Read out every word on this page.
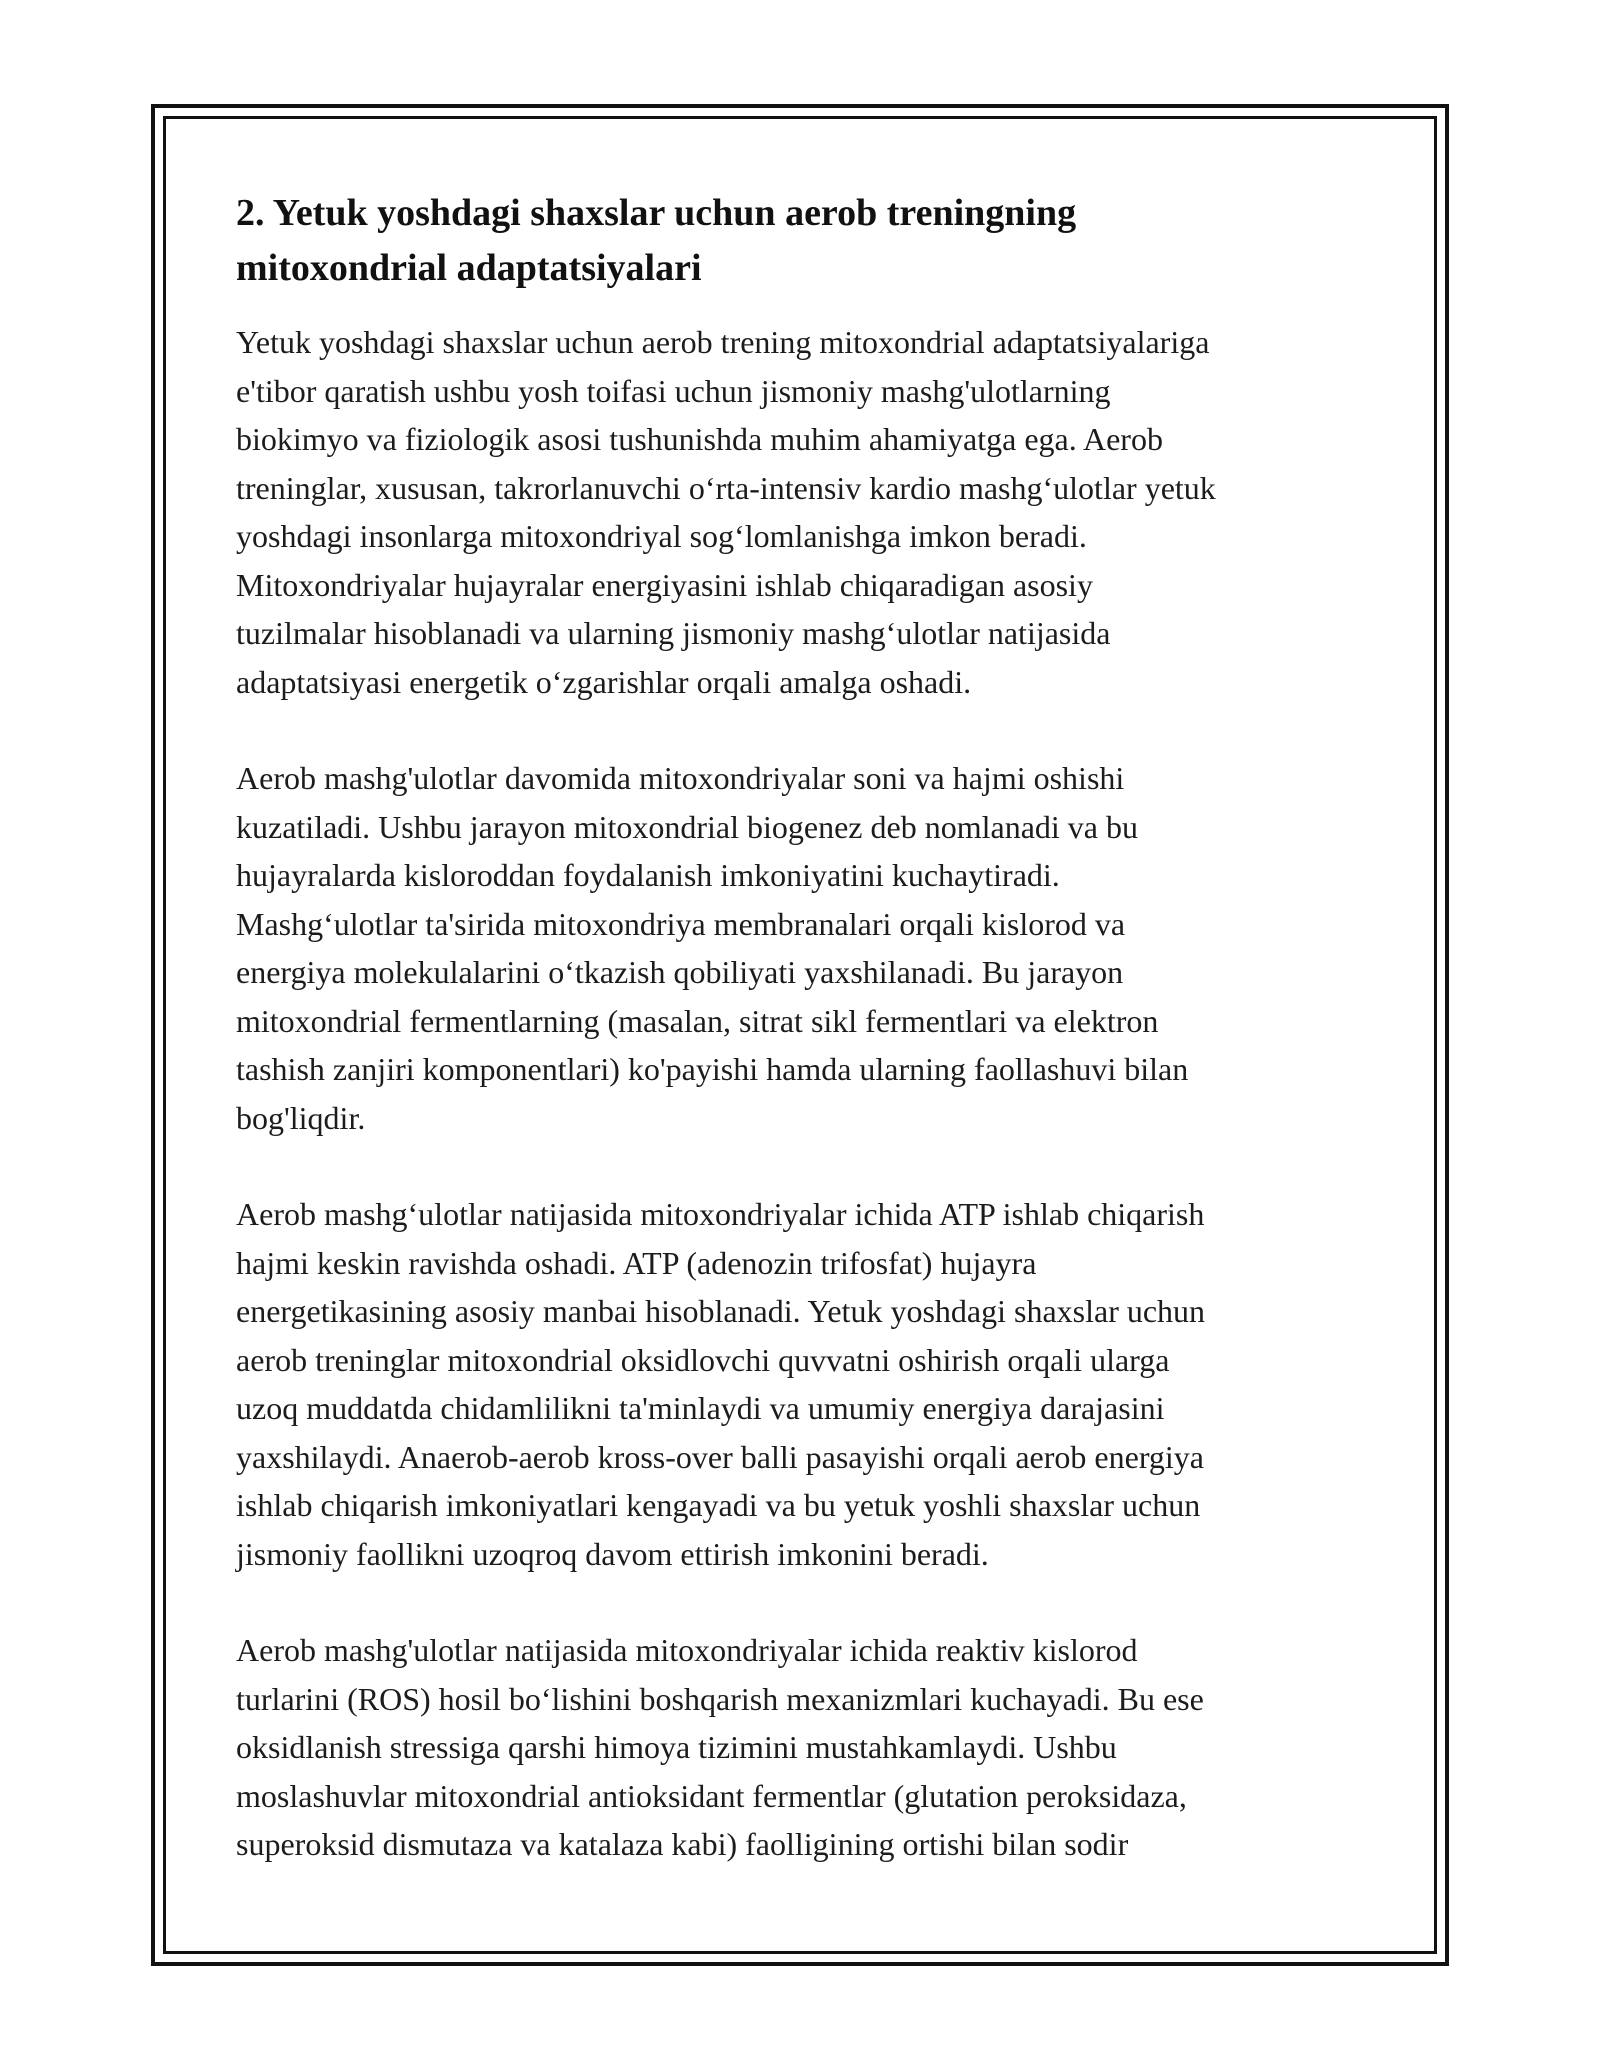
2. Yetuk yoshdagi shaxslar uchun aerob treningning
mitoxondrial adaptatsiyalari

Yetuk yoshdagi shaxslar uchun aerob trening mitoxondrial adaptatsiyalariga
e'tibor qaratish ushbu yosh toifasi uchun jismoniy mashg'ulotlarning
biokimyo va fiziologik asosi tushunishda muhim ahamiyatga ega. Aerob
treninglar, xususan, takrorlanuvchi o‘rta-intensiv kardio mashg‘ulotlar yetuk
yoshdagi insonlarga mitoxondriyal sog‘lomlanishga imkon beradi.
Mitoxondriyalar hujayralar energiyasini ishlab chiqaradigan asosiy
tuzilmalar hisoblanadi va ularning jismoniy mashg‘ulotlar natijasida
adaptatsiyasi energetik o‘zgarishlar orqali amalga oshadi.

Aerob mashg'ulotlar davomida mitoxondriyalar soni va hajmi oshishi
kuzatiladi. Ushbu jarayon mitoxondrial biogenez deb nomlanadi va bu
hujayralarda kisloroddan foydalanish imkoniyatini kuchaytiradi.
Mashg‘ulotlar ta'sirida mitoxondriya membranalari orqali kislorod va
energiya molekulalarini o‘tkazish qobiliyati yaxshilanadi. Bu jarayon
mitoxondrial fermentlarning (masalan, sitrat sikl fermentlari va elektron
tashish zanjiri komponentlari) ko'payishi hamda ularning faollashuvi bilan
bog'liqdir.

Aerob mashg‘ulotlar natijasida mitoxondriyalar ichida ATP ishlab chiqarish
hajmi keskin ravishda oshadi. ATP (adenozin trifosfat) hujayra
energetikasining asosiy manbai hisoblanadi. Yetuk yoshdagi shaxslar uchun
aerob treninglar mitoxondrial oksidlovchi quvvatni oshirish orqali ularga
uzoq muddatda chidamlilikni ta'minlaydi va umumiy energiya darajasini
yaxshilaydi. Anaerob-aerob kross-over balli pasayishi orqali aerob energiya
ishlab chiqarish imkoniyatlari kengayadi va bu yetuk yoshli shaxslar uchun
jismoniy faollikni uzoqroq davom ettirish imkonini beradi.

Aerob mashg'ulotlar natijasida mitoxondriyalar ichida reaktiv kislorod
turlarini (ROS) hosil bo‘lishini boshqarish mexanizmlari kuchayadi. Bu ese
oksidlanish stressiga qarshi himoya tizimini mustahkamlaydi. Ushbu
moslashuvlar mitoxondrial antioksidant fermentlar (glutation peroksidaza,
superoksid dismutaza va katalaza kabi) faolligining ortishi bilan sodir
